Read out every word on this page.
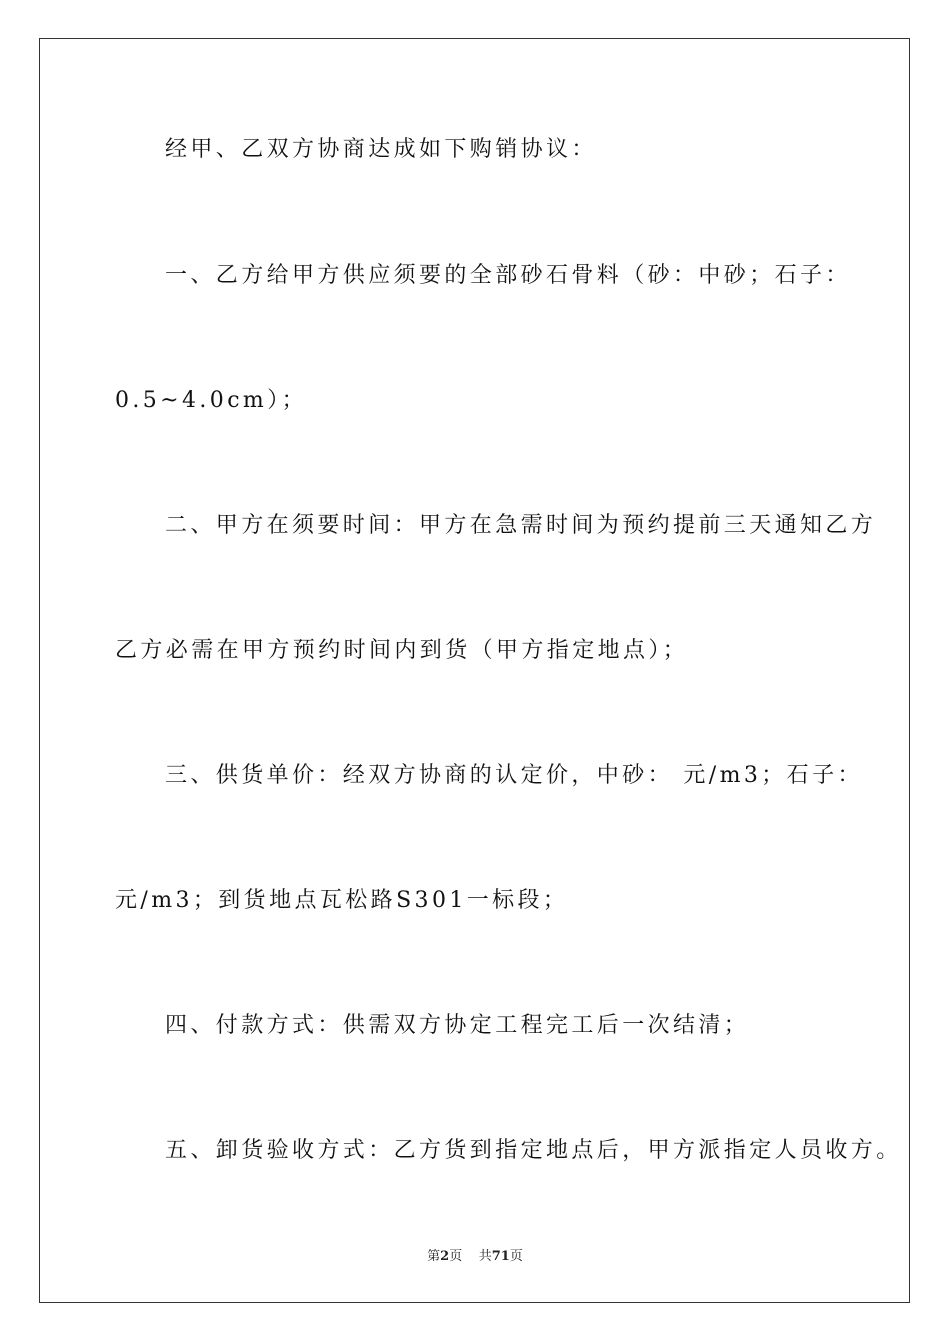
经甲、乙双方协商达成如下购销协议：
一、乙方给甲方供应须要的全部砂石骨料（砂：中砂；石子：
0.5~4.0cm）；
二、甲方在须要时间：甲方在急需时间为预约提前三天通知乙方
乙方必需在甲方预约时间内到货（甲方指定地点）；
三、供货单价：经双方协商的认定价，中砂： 元/m3；石子：
元/m3；到货地点瓦松路S301一标段；
四、付款方式：供需双方协定工程完工后一次结清；
五、卸货验收方式：乙方货到指定地点后，甲方派指定人员收方。
第2页 共71页
